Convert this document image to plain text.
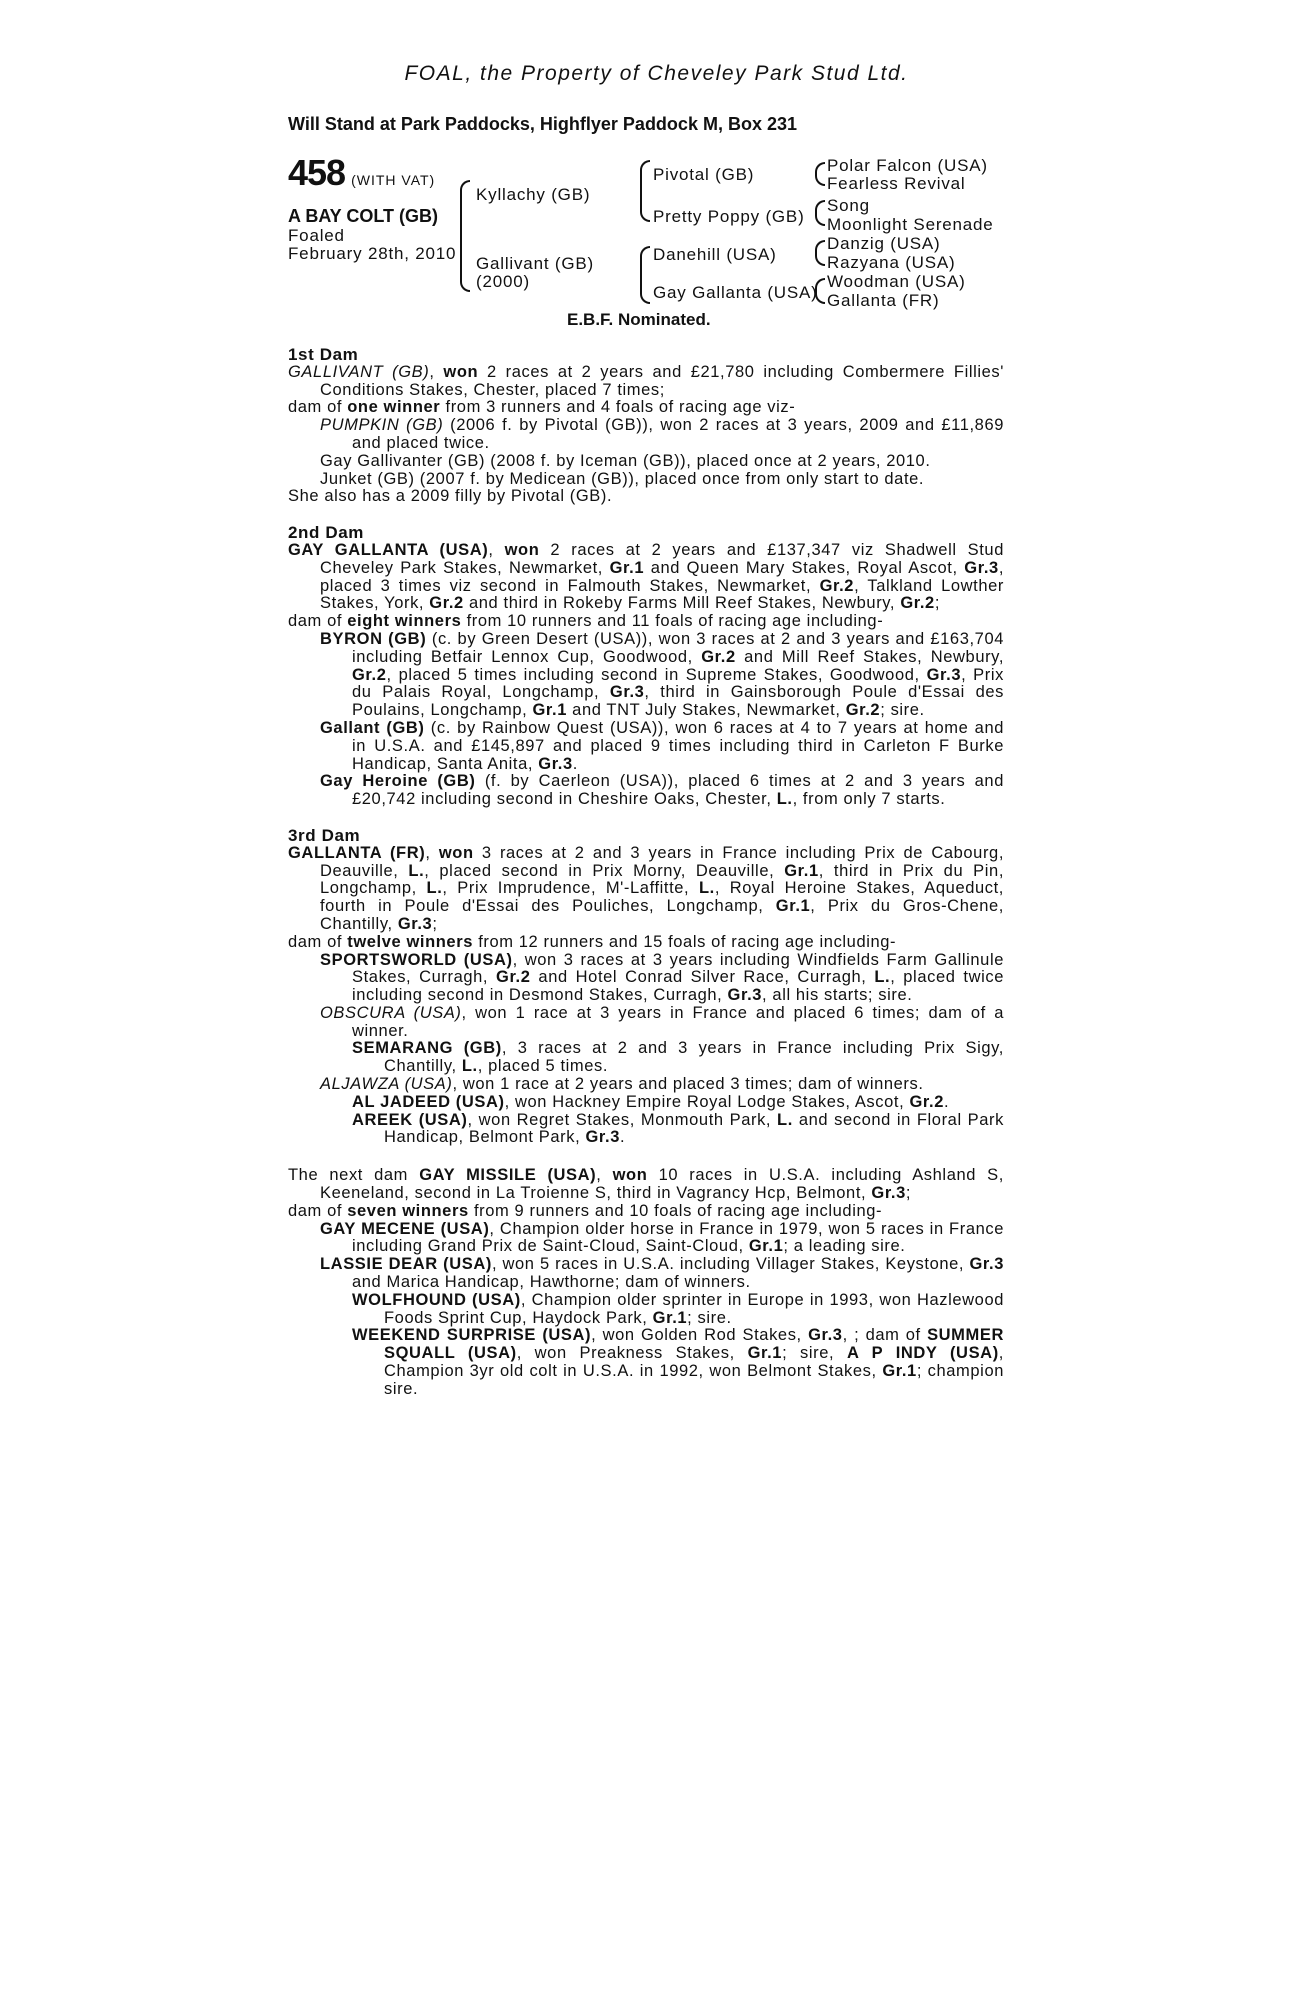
FOAL, the Property of Cheveley Park Stud Ltd.
Will Stand at Park Paddocks, Highflyer Paddock M, Box 231
458 (WITH VAT)
A BAY COLT (GB)
Foaled
February 28th, 2010
Kyllachy (GB)
Gallivant (GB)
(2000)
Pivotal (GB)
Pretty Poppy (GB)
Danehill (USA)
Gay Gallanta (USA)
Polar Falcon (USA)
Fearless Revival
Song
Moonlight Serenade
Danzig (USA)
Razyana (USA)
Woodman (USA)
Gallanta (FR)
E.B.F. Nominated.

1st Dam

GALLIVANT (GB), won 2 races at 2 years and £21,780 including Combermere Fillies' Conditions Stakes, Chester, placed 7 times;

dam of one winner from 3 runners and 4 foals of racing age viz-

PUMPKIN (GB) (2006 f. by Pivotal (GB)), won 2 races at 3 years, 2009 and £11,869 and placed twice.

Gay Gallivanter (GB) (2008 f. by Iceman (GB)), placed once at 2 years, 2010.

Junket (GB) (2007 f. by Medicean (GB)), placed once from only start to date.

She also has a 2009 filly by Pivotal (GB).

2nd Dam

GAY GALLANTA (USA), won 2 races at 2 years and £137,347 viz Shadwell Stud Cheveley Park Stakes, Newmarket, Gr.1 and Queen Mary Stakes, Royal Ascot, Gr.3, placed 3 times viz second in Falmouth Stakes, Newmarket, Gr.2, Talkland Lowther Stakes, York, Gr.2 and third in Rokeby Farms Mill Reef Stakes, Newbury, Gr.2;

dam of eight winners from 10 runners and 11 foals of racing age including-

BYRON (GB) (c. by Green Desert (USA)), won 3 races at 2 and 3 years and £163,704 including Betfair Lennox Cup, Goodwood, Gr.2 and Mill Reef Stakes, Newbury, Gr.2, placed 5 times including second in Supreme Stakes, Goodwood, Gr.3, Prix du Palais Royal, Longchamp, Gr.3, third in Gainsborough Poule d'Essai des Poulains, Longchamp, Gr.1 and TNT July Stakes, Newmarket, Gr.2; sire.

Gallant (GB) (c. by Rainbow Quest (USA)), won 6 races at 4 to 7 years at home and in U.S.A. and £145,897 and placed 9 times including third in Carleton F Burke Handicap, Santa Anita, Gr.3.

Gay Heroine (GB) (f. by Caerleon (USA)), placed 6 times at 2 and 3 years and £20,742 including second in Cheshire Oaks, Chester, L., from only 7 starts.

3rd Dam

GALLANTA (FR), won 3 races at 2 and 3 years in France including Prix de Cabourg, Deauville, L., placed second in Prix Morny, Deauville, Gr.1, third in Prix du Pin, Longchamp, L., Prix Imprudence, M'-Laffitte, L., Royal Heroine Stakes, Aqueduct, fourth in Poule d'Essai des Pouliches, Longchamp, Gr.1, Prix du Gros-Chene, Chantilly, Gr.3;

dam of twelve winners from 12 runners and 15 foals of racing age including-

SPORTSWORLD (USA), won 3 races at 3 years including Windfields Farm Gallinule Stakes, Curragh, Gr.2 and Hotel Conrad Silver Race, Curragh, L., placed twice including second in Desmond Stakes, Curragh, Gr.3, all his starts; sire.

OBSCURA (USA), won 1 race at 3 years in France and placed 6 times; dam of a winner.

SEMARANG (GB), 3 races at 2 and 3 years in France including Prix Sigy, Chantilly, L., placed 5 times.

ALJAWZA (USA), won 1 race at 2 years and placed 3 times; dam of winners.

AL JADEED (USA), won Hackney Empire Royal Lodge Stakes, Ascot, Gr.2.

AREEK (USA), won Regret Stakes, Monmouth Park, L. and second in Floral Park Handicap, Belmont Park, Gr.3.

The next dam GAY MISSILE (USA), won 10 races in U.S.A. including Ashland S, Keeneland, second in La Troienne S, third in Vagrancy Hcp, Belmont, Gr.3;

dam of seven winners from 9 runners and 10 foals of racing age including-

GAY MECENE (USA), Champion older horse in France in 1979, won 5 races in France including Grand Prix de Saint-Cloud, Saint-Cloud, Gr.1; a leading sire.

LASSIE DEAR (USA), won 5 races in U.S.A. including Villager Stakes, Keystone, Gr.3 and Marica Handicap, Hawthorne; dam of winners.

WOLFHOUND (USA), Champion older sprinter in Europe in 1993, won Hazlewood Foods Sprint Cup, Haydock Park, Gr.1; sire.

WEEKEND SURPRISE (USA), won Golden Rod Stakes, Gr.3, ; dam of SUMMER SQUALL (USA), won Preakness Stakes, Gr.1; sire, A P INDY (USA), Champion 3yr old colt in U.S.A. in 1992, won Belmont Stakes, Gr.1; champion sire.
